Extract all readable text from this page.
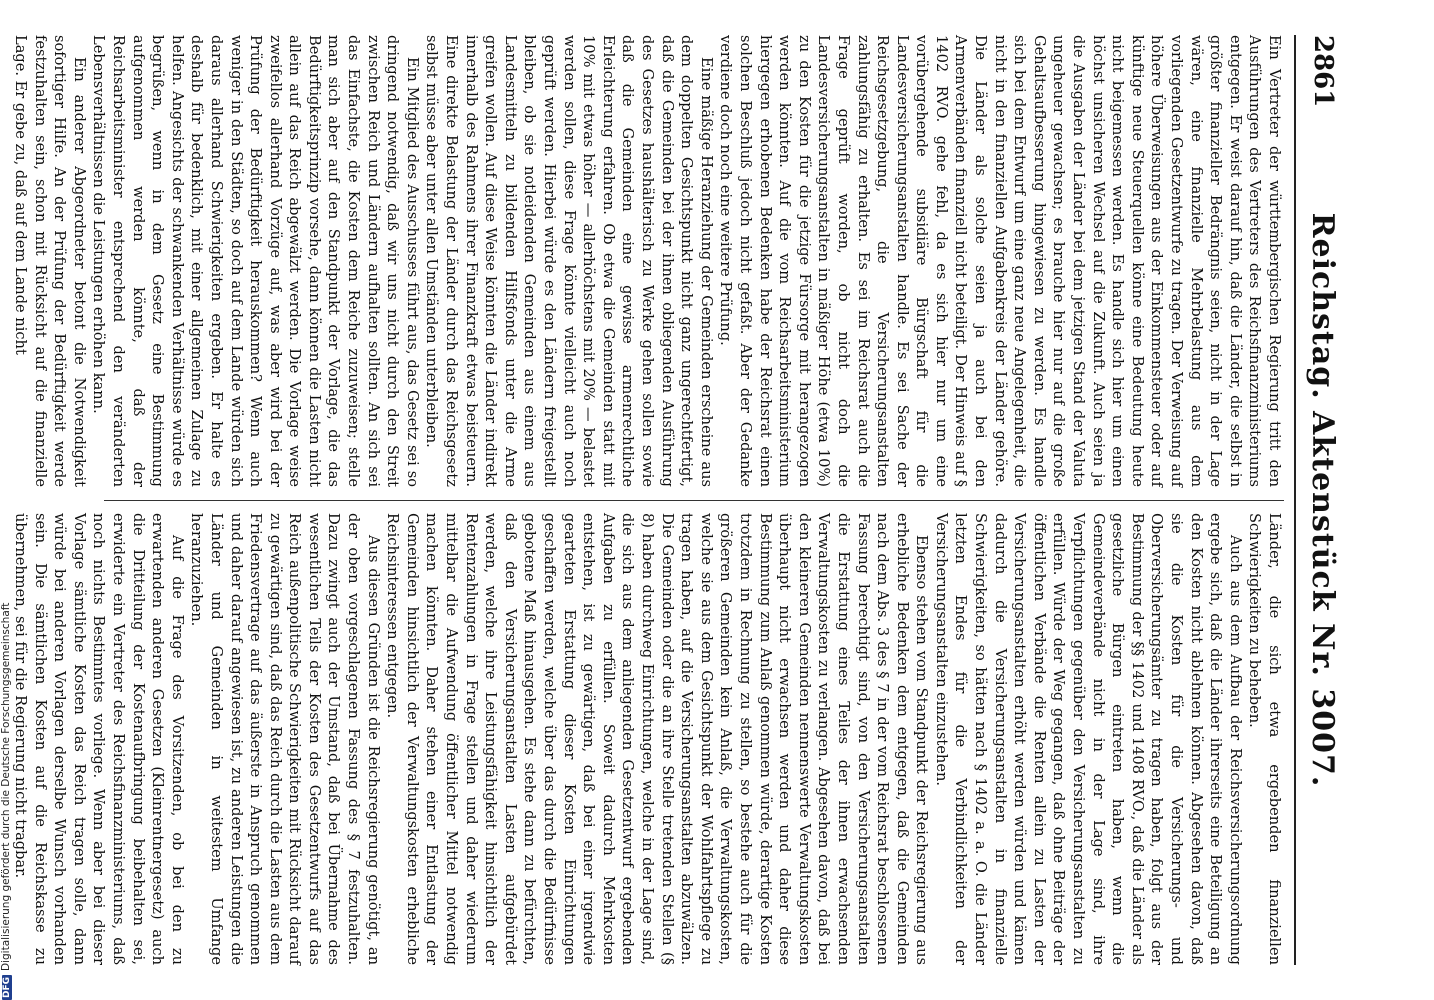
2861
Reichstag. Aktenstück Nr. 3007.

Ein Vertreter der württembergischen Regierung tritt den Ausführungen des Vertreters des Reichsfinanzministeriums entgegen. Er weist darauf hin, daß die Länder, die selbst in größter finanzieller Bedrängnis seien, nicht in der Lage wären, eine finanzielle Mehrbelastung aus dem vorliegenden Gesetzentwurfe zu tragen. Der Verweisung auf höhere Überweisungen aus der Einkommensteuer oder auf künftige neue Steuerquellen könne eine Bedeutung heute nicht beigemessen werden. Es handle sich hier um einen höchst unsicheren Wechsel auf die Zukunft. Auch seien ja die Ausgaben der Länder bei dem jetzigen Stand der Valuta ungeheuer gewachsen; es brauche hier nur auf die große Gehaltsaufbesserung hingewiesen zu werden. Es handle sich bei dem Entwurf um eine ganz neue Angelegenheit, die nicht in den finanziellen Aufgabenkreis der Länder gehöre. Die Länder als solche seien ja auch bei den Armenverbänden finanziell nicht beteiligt. Der Hinweis auf § 1402 RVO. gehe fehl, da es sich hier nur um eine vorübergehende subsidiäre Bürgschaft für die Landesversicherungsanstalten handle. Es sei Sache der Reichsgesetzgebung, die Versicherungsanstalten zahlungsfähig zu erhalten. Es sei im Reichsrat auch die Frage geprüft worden, ob nicht doch die Landesversicherungsanstalten in mäßiger Höhe (etwa 10%) zu den Kosten für die jetzige Fürsorge mit herangezogen werden könnten. Auf die vom Reichsarbeitsministerium hiergegen erhobenen Bedenken habe der Reichsrat einen solchen Beschluß jedoch nicht gefaßt. Aber der Gedanke verdiene doch noch eine weitere Prüfung.

Eine mäßige Heranziehung der Gemeinden erscheine aus dem doppelten Gesichtspunkt nicht ganz ungerechtfertigt, daß die Gemeinden bei der ihnen obliegenden Ausführung des Gesetzes haushälterisch zu Werke gehen sollen sowie daß die Gemeinden eine gewisse armenrechtliche Erleichterung erfahren. Ob etwa die Gemeinden statt mit 10% mit etwas höher — allerhöchstens mit 20% — belastet werden sollen, diese Frage könnte vielleicht auch noch geprüft werden. Hierbei würde es den Ländern freigestellt bleiben, ob sie notleidenden Gemeinden aus einem aus Landesmitteln zu bildenden Hilfsfonds unter die Arme greifen wollen. Auf diese Weise könnten die Länder indirekt innerhalb des Rahmens ihrer Finanzkraft etwas beisteuern. Eine direkte Belastung der Länder durch das Reichsgesetz selbst müsse aber unter allen Umständen unterbleiben.

Ein Mitglied des Ausschusses führt aus, das Gesetz sei so dringend notwendig, daß wir uns nicht durch den Streit zwischen Reich und Ländern aufhalten sollten. An sich sei das Einfachste, die Kosten dem Reiche zuzuweisen; stelle man sich aber auf den Standpunkt der Vorlage, die das Bedürftigkeitsprinzip vorsehe, dann können die Lasten nicht allein auf das Reich abgewälzt werden. Die Vorlage weise zweifellos allerhand Vorzüge auf, was aber wird bei der Prüfung der Bedürftigkeit herauskommen? Wenn auch weniger in den Städten, so doch auf dem Lande würden sich daraus allerhand Schwierigkeiten ergeben. Er halte es deshalb für bedenklich, mit einer allgemeinen Zulage zu helfen. Angesichts der schwankenden Verhältnisse würde es begrüßen, wenn in dem Gesetz eine Bestimmung aufgenommen werden könnte, daß der Reichsarbeitsminister entsprechend den veränderten Lebensverhältnissen die Leistungen erhöhen kann.

Ein anderer Abgeordneter betont die Notwendigkeit sofortiger Hilfe. An der Prüfung der Bedürftigkeit werde festzuhalten sein, schon mit Rücksicht auf die finanzielle Lage. Er gebe zu, daß auf dem Lande nicht

Länder, die sich etwa ergebenden finanziellen Schwierigkeiten zu beheben.

Auch aus dem Aufbau der Reichsversicherungsordnung ergebe sich, daß die Länder ihrerseits eine Beteiligung an den Kosten nicht ablehnen können. Abgesehen davon, daß sie die Kosten für die Versicherungs- und Oberversicherungsämter zu tragen haben, folgt aus der Bestimmung der §§ 1402 und 1408 RVO., daß die Länder als gesetzliche Bürgen eintreten haben, wenn die Gemeindeverbände nicht in der Lage sind, ihre Verpflichtungen gegenüber den Versicherungsanstalten zu erfüllen. Würde der Weg gegangen, daß ohne Beiträge der öffentlichen Verbände die Renten allein zu Lasten der Versicherungsanstalten erhöht werden würden und kämen dadurch die Versicherungsanstalten in finanzielle Schwierigkeiten, so hätten nach § 1402 a. a. O. die Länder letzten Endes für die Verbindlichkeiten der Versicherungsanstalten einzustehen.

Ebenso stehen vom Standpunkt der Reichsregierung aus erhebliche Bedenken dem entgegen, daß die Gemeinden nach dem Abs. 3 des § 7 in der vom Reichsrat beschlossenen Fassung berechtigt sind, von den Versicherungsanstalten die Erstattung eines Teiles der ihnen erwachsenden Verwaltungskosten zu verlangen. Abgesehen davon, daß bei den kleineren Gemeinden nennenswerte Verwaltungskosten überhaupt nicht erwachsen werden und daher diese Bestimmung zum Anlaß genommen würde, derartige Kosten trotzdem in Rechnung zu stellen, so bestehe auch für die größeren Gemeinden kein Anlaß, die Verwaltungskosten, welche sie aus dem Gesichtspunkt der Wohlfahrtspflege zu tragen haben, auf die Versicherungsanstalten abzuwälzen. Die Gemeinden oder die an ihre Stelle tretenden Stellen (§ 8) haben durchweg Einrichtungen, welche in der Lage sind, die sich aus dem anliegenden Gesetzentwurf ergebenden Aufgaben zu erfüllen. Soweit dadurch Mehrkosten entstehen, ist zu gewärtigen, daß bei einer irgendwie gearteten Erstattung dieser Kosten Einrichtungen geschaffen werden, welche über das durch die Bedürfnisse gebotene Maß hinausgehen. Es stehe dann zu befürchten, daß den Versicherungsanstalten Lasten aufgebürdet werden, welche ihre Leistungsfähigkeit hinsichtlich der Rentenzahlungen in Frage stellen und daher wiederum mittelbar die Aufwendung öffentlicher Mittel notwendig machen könnten. Daher stehen einer Entlastung der Gemeinden hinsichtlich der Verwaltungskosten erhebliche Reichsinteressen entgegen.

Aus diesen Gründen ist die Reichsregierung genötigt, an der oben vorgeschlagenen Fassung des § 7 festzuhalten. Dazu zwingt auch der Umstand, daß bei Übernahme des wesentlichen Teils der Kosten des Gesetzentwurfs auf das Reich außenpolitische Schwierigkeiten mit Rücksicht darauf zu gewärtigen sind, daß das Reich durch die Lasten aus dem Friedensvertrage auf das äußerste in Anspruch genommen und daher darauf angewiesen ist, zu anderen Leistungen die Länder und Gemeinden in weitestem Umfange heranzuziehen.

Auf die Frage des Vorsitzenden, ob bei den zu erwartenden anderen Gesetzen (Kleinrentnergesetz) auch die Dritteilung der Kostenaufbringung beibehalten sei, erwiderte ein Vertreter des Reichsfinanzministeriums, daß noch nichts Bestimmtes vorliege. Wenn aber bei dieser Vorlage sämtliche Kosten das Reich tragen solle, dann würde bei anderen Vorlagen derselbe Wunsch vorhanden sein. Die sämtlichen Kosten auf die Reichskasse zu übernehmen, sei für die Regierung nicht tragbar.

DFGDigitalisierung gefördert durch die Deutsche Forschungsgemeinschaft
